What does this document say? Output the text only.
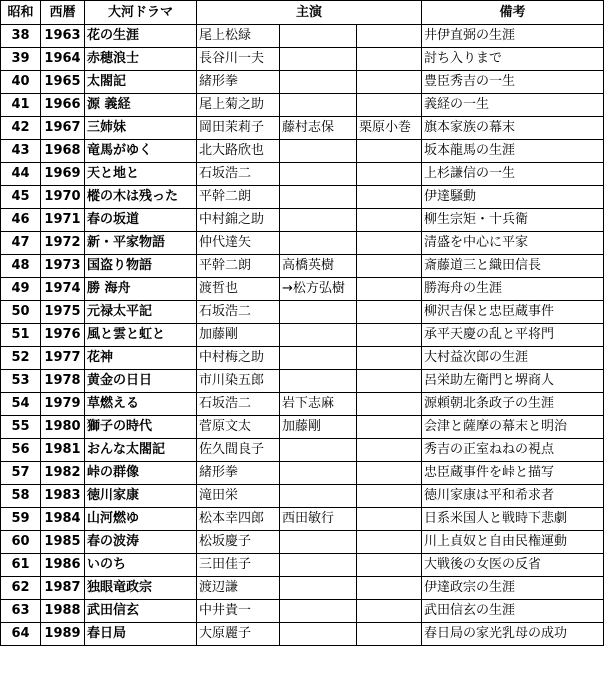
昭和	西暦	大河ドラマ	主演			備考
38	1963	花の生涯	尾上松緑			井伊直弼の生涯
39	1964	赤穂浪士	長谷川一夫			討ち入りまで
40	1965	太閤記	緒形拳			豊臣秀吉の一生
41	1966	源 義経	尾上菊之助			義経の一生
42	1967	三姉妹	岡田茉莉子	藤村志保	栗原小巻	旗本家族の幕末
43	1968	竜馬がゆく	北大路欣也			坂本龍馬の生涯
44	1969	天と地と	石坂浩二			上杉謙信の一生
45	1970	樅の木は残った	平幹二朗			伊達騒動
46	1971	春の坂道	中村錦之助			柳生宗矩・十兵衛
47	1972	新・平家物語	仲代達矢			清盛を中心に平家
48	1973	国盗り物語	平幹二朗	高橋英樹		斎藤道三と織田信長
49	1974	勝 海舟	渡哲也	→松方弘樹		勝海舟の生涯
50	1975	元禄太平記	石坂浩二			柳沢吉保と忠臣蔵事件
51	1976	風と雲と虹と	加藤剛			承平天慶の乱と平将門
52	1977	花神	中村梅之助			大村益次郎の生涯
53	1978	黄金の日日	市川染五郎			呂栄助左衛門と堺商人
54	1979	草燃える	石坂浩二	岩下志麻		源頼朝北条政子の生涯
55	1980	獅子の時代	菅原文太	加藤剛		会津と薩摩の幕末と明治
56	1981	おんな太閤記	佐久間良子			秀吉の正室ねねの視点
57	1982	峠の群像	緒形拳			忠臣蔵事件を峠と描写
58	1983	徳川家康	滝田栄			徳川家康は平和希求者
59	1984	山河燃ゆ	松本幸四郎	西田敏行		日系米国人と戦時下悲劇
60	1985	春の波涛	松坂慶子			川上貞奴と自由民権運動
61	1986	いのち	三田佳子			大戦後の女医の反省
62	1987	独眼竜政宗	渡辺謙			伊達政宗の生涯
63	1988	武田信玄	中井貴一			武田信玄の生涯
64	1989	春日局	大原麗子			春日局の家光乳母の成功
